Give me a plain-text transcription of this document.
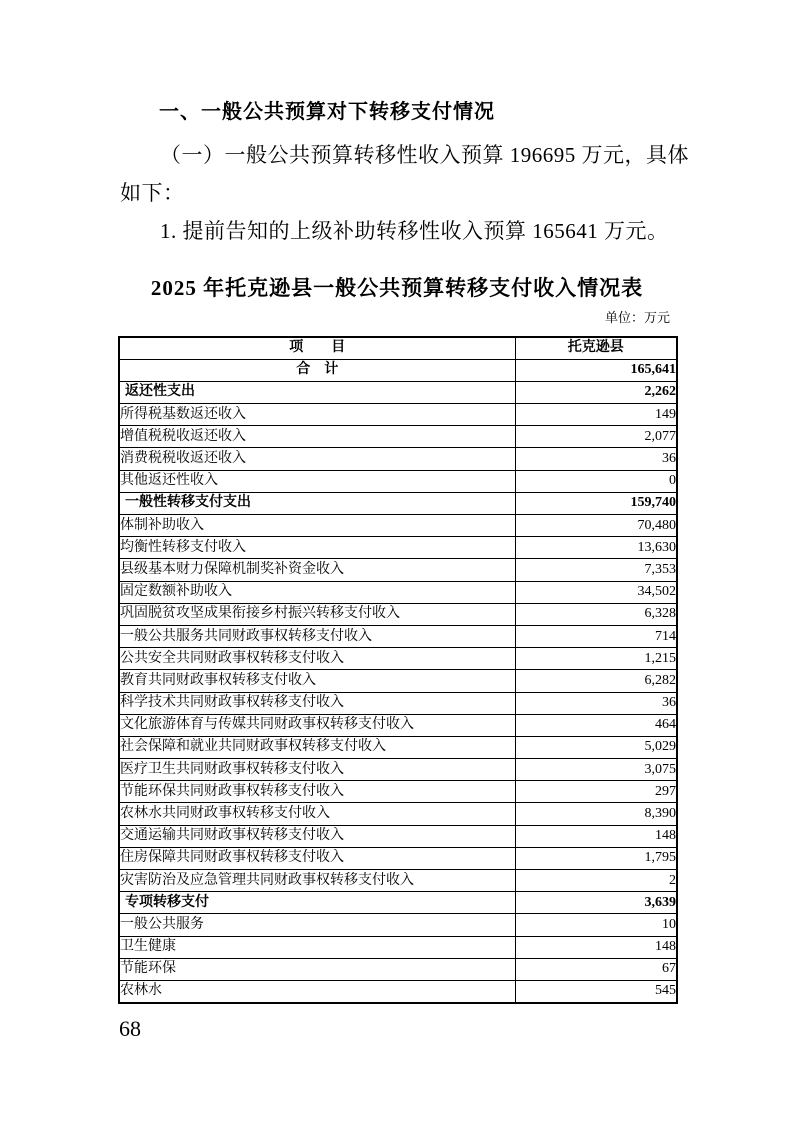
一、一般公共预算对下转移支付情况
（一）一般公共预算转移性收入预算 196695 万元，具体
如下：
1. 提前告知的上级补助转移性收入预算 165641 万元。
2025 年托克逊县一般公共预算转移支付收入情况表
单位：万元
项　　目	托克逊县
合　计	165,641
返还性支出	2,262
所得税基数返还收入	149
增值税税收返还收入	2,077
消费税税收返还收入	36
其他返还性收入	0
一般性转移支付支出	159,740
体制补助收入	70,480
均衡性转移支付收入	13,630
县级基本财力保障机制奖补资金收入	7,353
固定数额补助收入	34,502
巩固脱贫攻坚成果衔接乡村振兴转移支付收入	6,328
一般公共服务共同财政事权转移支付收入	714
公共安全共同财政事权转移支付收入	1,215
教育共同财政事权转移支付收入	6,282
科学技术共同财政事权转移支付收入	36
文化旅游体育与传媒共同财政事权转移支付收入	464
社会保障和就业共同财政事权转移支付收入	5,029
医疗卫生共同财政事权转移支付收入	3,075
节能环保共同财政事权转移支付收入	297
农林水共同财政事权转移支付收入	8,390
交通运输共同财政事权转移支付收入	148
住房保障共同财政事权转移支付收入	1,795
灾害防治及应急管理共同财政事权转移支付收入	2
专项转移支付	3,639
一般公共服务	10
卫生健康	148
节能环保	67
农林水	545
68
